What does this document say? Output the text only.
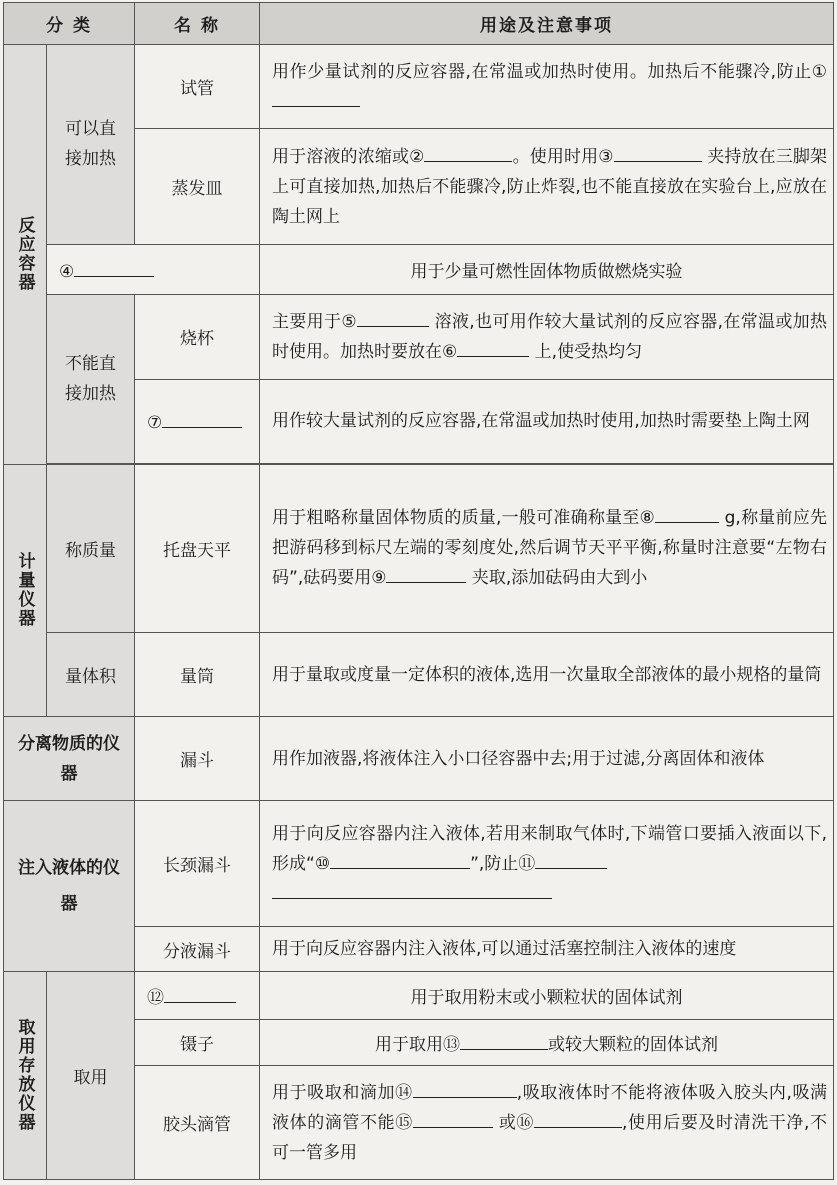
分 类		名 称	用途及注意事项

反应容器	可以直接加热	试管	用作少量试剂的反应容器,在常温或加热时使用。加热后不能骤冷,防止①
		蒸发皿	用于溶液的浓缩或② 。使用时用③ 夹持放在三脚架上可直接加热,加热后不能骤冷,防止炸裂,也不能直接放在实验台上,应放在陶土网上
	④		用于少量可燃性固体物质做燃烧实验

	不能直接加热	烧杯	主要用于⑤ 溶液,也可用作较大量试剂的反应容器,在常温或加热时使用。加热时要放在⑥ 上,使受热均匀
		⑦	用作较大量试剂的反应容器,在常温或加热时使用,加热时需要垫上陶土网

计量仪器	称质量	托盘天平	用于粗略称量固体物质的质量,一般可准确称量至⑧ g,称量前应先把游码移到标尺左端的零刻度处,然后调节天平平衡,称量时注意要“左物右码”,砝码要用⑨ 夹取,添加砝码由大到小
	量体积	量筒	用于量取或度量一定体积的液体,选用一次量取全部液体的最小规格的量筒

分离物质的仪器		漏斗	用作加液器,将液体注入小口径容器中去;用于过滤,分离固体和液体

注入液体的仪器		长颈漏斗	用于向反应容器内注入液体,若用来制取气体时,下端管口要插入液面以下,形成“⑩ ”,防止⑪

		分液漏斗	用于向反应容器内注入液体,可以通过活塞控制注入液体的速度

取用存放仪器	取用	⑫	用于取用粉末或小颗粒状的固体试剂
		镊子	用于取用⑬ 或较大颗粒的固体试剂
		胶头滴管	用于吸取和滴加⑭ ,吸取液体时不能将液体吸入胶头内,吸满液体的滴管不能⑮ 或⑯ ,使用后要及时清洗干净,不可一管多用
